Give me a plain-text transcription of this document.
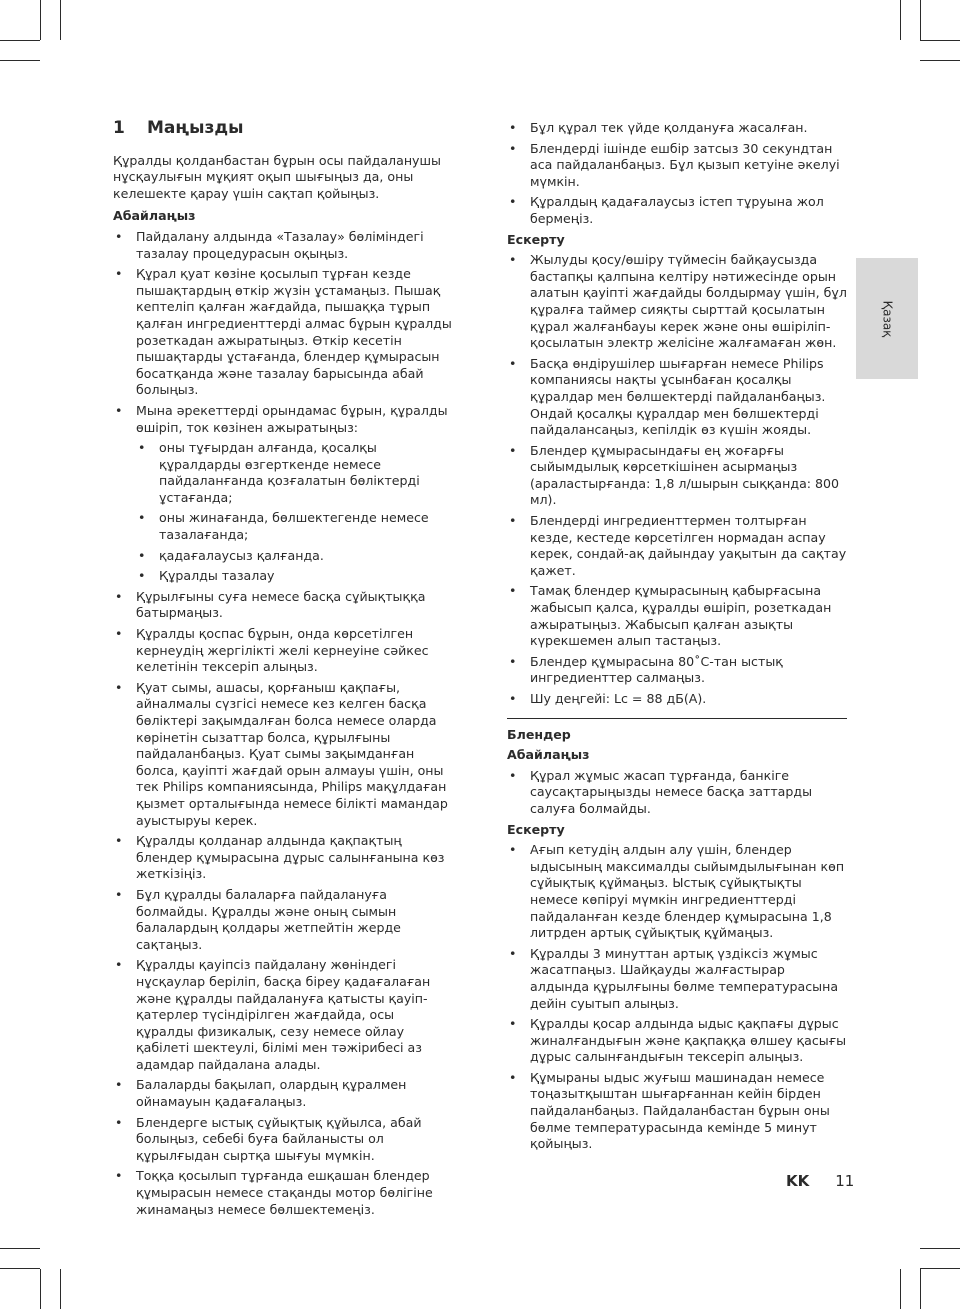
1	Маңызды

Құралды қолданбастан бұрын осы пайдаланушы нұсқаулығын мұқият оқып шығыңыз да, оны келешекте қарау үшін сақтап қойыңыз.

Абайлаңыз
• Пайдалану алдында «Тазалау» бөліміндегі тазалау процедурасын оқыңыз.
• Құрал қуат көзіне қосылып тұрған кезде пышақтардың өткір жүзін ұстамаңыз. Пышақ кептеліп қалған жағдайда, пышаққа тұрып қалған ингредиенттерді алмас бұрын құралды розеткадан ажыратыңыз. Өткір кесетін пышақтарды ұстағанда, блендер құмырасын босатқанда және тазалау барысында абай болыңыз.
• Мына әрекеттерді орындамас бұрын, құралды өшіріп, ток көзінен ажыратыңыз:
• оны тұғырдан алғанда, қосалқы құралдарды өзгерткенде немесе пайдаланғанда қозғалатын бөліктерді ұстағанда;
• оны жинағанда, бөлшектегенде немесе тазалағанда;
• қадағалаусыз қалғанда.
• Құралды тазалау
• Құрылғыны суға немесе басқа сұйықтыққа батырмаңыз.
• Құралды қоспас бұрын, онда көрсетілген кернеудің жергілікті желі кернеуіне сәйкес келетінін тексеріп алыңыз.
• Қуат сымы, ашасы, қорғаныш қақпағы, айналмалы сүзгісі немесе кез келген басқа бөліктері зақымдалған болса немесе оларда көрінетін сызаттар болса, құрылғыны пайдаланбаңыз. Қуат сымы зақымданған болса, қауіпті жағдай орын алмауы үшін, оны тек Philips компаниясында, Philips мақұлдаған қызмет орталығында немесе білікті мамандар ауыстыруы керек.
• Құралды қолданар алдында қақпақтың блендер құмырасына дұрыс салынғанына көз жеткізіңіз.
• Бұл құралды балаларға пайдалануға болмайды. Құралды және оның сымын балалардың қолдары жетпейтін жерде сақтаңыз.
• Құралды қауіпсіз пайдалану жөніндегі нұсқаулар беріліп, басқа біреу қадағалаған және құралды пайдалануға қатысты қауіп-қатерлер түсіндірілген жағдайда, осы құралды физикалық, сезу немесе ойлау қабілеті шектеулі, білімі мен тәжірибесі аз адамдар пайдалана алады.
• Балаларды бақылап, олардың құралмен ойнамауын қадағалаңыз.
• Блендерге ыстық сұйықтық құйылса, абай болыңыз, себебі буға байланысты ол құрылғыдан сыртқа шығуы мүмкін.
• Тоққа қосылып тұрғанда ешқашан блендер құмырасын немесе стақанды мотор бөлігіне жинамаңыз немесе бөлшектемеңіз.
• Бұл құрал тек үйде қолдануға жасалған.
• Блендерді ішінде ешбір затсыз 30 секундтан аса пайдаланбаңыз. Бұл қызып кетуіне әкелуі мүмкін.
• Құралдың қадағалаусыз істеп тұруына жол бермеңіз.
Ескерту
• Жылуды қосу/өшіру түймесін байқаусызда бастапқы қалпына келтіру нәтижесінде орын алатын қауіпті жағдайды болдырмау үшін, бұл құралға таймер сияқты сырттай қосылатын құрал жалғанбауы керек және оны өшіріліп-қосылатын электр желісіне жалғамаған жөн.
• Басқа өндірушілер шығарған немесе Philips компаниясы нақты ұсынбаған қосалқы құралдар мен бөлшектерді пайдаланбаңыз. Ондай қосалқы құралдар мен бөлшектерді пайдалансаңыз, кепілдік өз күшін жояды.
• Блендер құмырасындағы ең жоғарғы сыйымдылық көрсеткішінен асырмаңыз (араластырғанда: 1,8 л/шырын сыққанда: 800 мл).
• Блендерді ингредиенттермен толтырған кезде, кестеде көрсетілген нормадан аспау керек, сондай-ақ дайындау уақытын да сақтау қажет.
• Тамақ блендер құмырасының қабырғасына жабысып қалса, құралды өшіріп, розеткадан ажыратыңыз. Жабысып қалған азықты күрекшемен алып тастаңыз.
• Блендер құмырасына 80˚C-тан ыстық ингредиенттер салмаңыз.
• Шу деңгейі: Lc = 88 дБ(A).
Блендер
Абайлаңыз
• Құрал жұмыс жасап тұрғанда, банкіге саусақтарыңызды немесе басқа заттарды салуға болмайды.
Ескерту
• Ағып кетудің алдын алу үшін, блендер ыдысының максималды сыйымдылығынан көп сұйықтық құймаңыз. Ыстық сұйықтықты немесе көпіруі мүмкін ингредиенттерді пайдаланған кезде блендер құмырасына 1,8 литрден артық сұйықтық құймаңыз.
• Құралды 3 минуттан артық үздіксіз жұмыс жасатпаңыз. Шайқауды жалғастырар алдында құрылғыны бөлме температурасына дейін суытып алыңыз.
• Құралды қосар алдында ыдыс қақпағы дұрыс жиналғандығын және қақпаққа өлшеу қасығы дұрыс салынғандығын тексеріп алыңыз.
• Құмыраны ыдыс жуғыш машинадан немесе тоңазытқыштан шығарғаннан кейін бірден пайдаланбаңыз. Пайдаланбастан бұрын оны бөлме температурасында кемінде 5 минут қойыңыз.
Қазақ
KK 11
